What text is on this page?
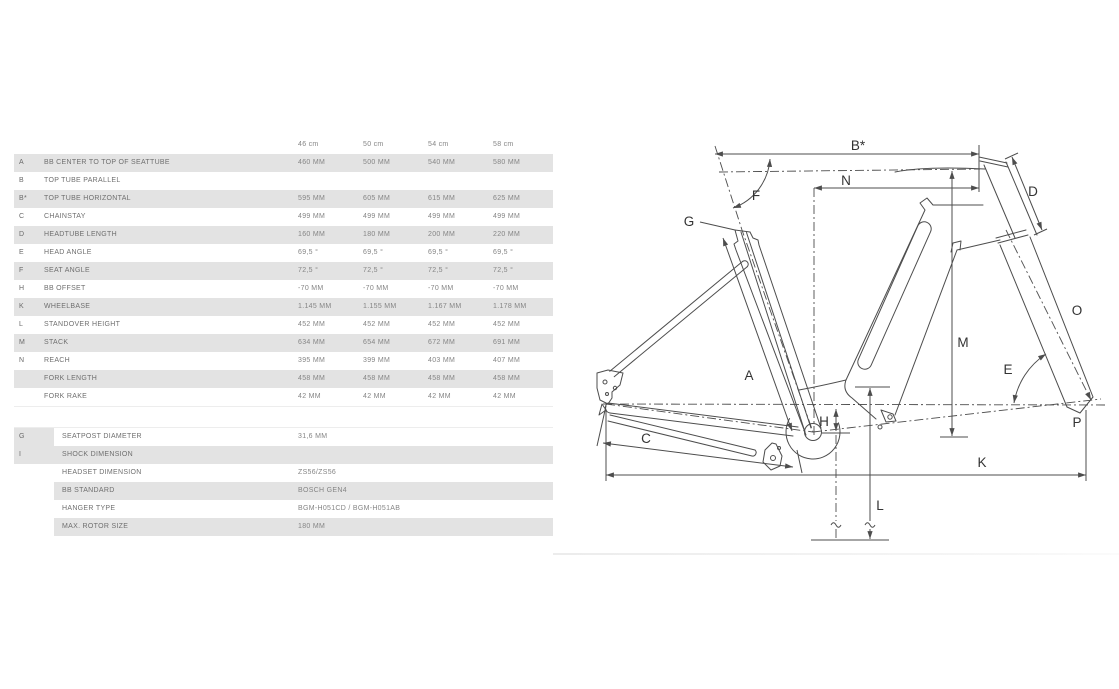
46 cm	50 cm	54 cm	58 cm
A	BB CENTER TO TOP OF SEATTUBE	460 MM	500 MM	540 MM	580 MM
B	TOP TUBE PARALLEL
B*	TOP TUBE HORIZONTAL	595 MM	605 MM	615 MM	625 MM
C	CHAINSTAY	499 MM	499 MM	499 MM	499 MM
D	HEADTUBE LENGTH	160 MM	180 MM	200 MM	220 MM
E	HEAD ANGLE	69,5 °	69,5 °	69,5 °	69,5 °
F	SEAT ANGLE	72,5 °	72,5 °	72,5 °	72,5 °
H	BB OFFSET	-70 MM	-70 MM	-70 MM	-70 MM
K	WHEELBASE	1.145 MM	1.155 MM	1.167 MM	1.178 MM
L	STANDOVER HEIGHT	452 MM	452 MM	452 MM	452 MM
M	STACK	634 MM	654 MM	672 MM	691 MM
N	REACH	395 MM	399 MM	403 MM	407 MM
FORK LENGTH	458 MM	458 MM	458 MM	458 MM
FORK RAKE	42 MM	42 MM	42 MM	42 MM
G	SEATPOST DIAMETER	31,6 MM
I	SHOCK DIMENSION
HEADSET DIMENSION	ZS56/ZS56
BB STANDARD	BOSCH GEN4
HANGER TYPE	BGM-H051CD / BGM-H051AB
MAX. ROTOR SIZE	180 MM
B*
N
F
G
D
O
M
A	E
H
C
P
K
L
